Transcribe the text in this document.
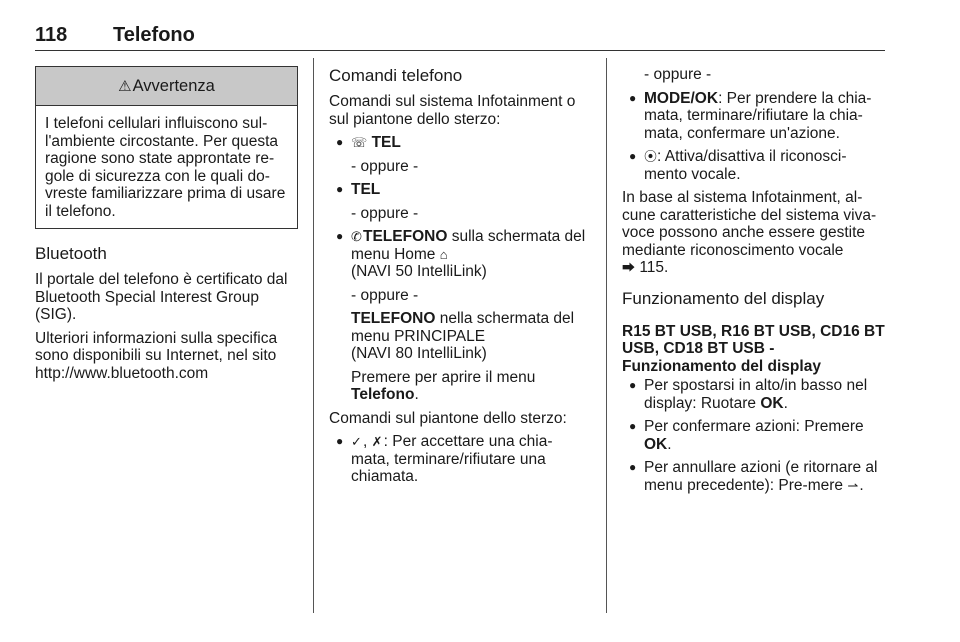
118 Telefono
⚠Avvertenza
I telefoni cellulari influiscono sul-l'ambiente circostante. Per questa ragione sono state approntate re-gole di sicurezza con le quali do-vreste familiarizzare prima di usare il telefono.
Bluetooth

Il portale del telefono è certificato dal Bluetooth Special Interest Group (SIG).

Ulteriori informazioni sulla specifica sono disponibili su Internet, nel sito http://www.bluetooth.com

Comandi telefono

Comandi sul sistema Infotainment o sul piantone dello sterzo:

● ☏ TEL
- oppure -
● TEL
- oppure -
● ✆TELEFONO sulla schermata del menu Home ⌂
(NAVI 50 IntelliLink)
- oppure -
TELEFONO nella schermata del menu PRINCIPALE
(NAVI 80 IntelliLink)
Premere per aprire il menu
Telefono.

Comandi sul piantone dello sterzo:

● ✓, ✗: Per accettare una chia-mata, terminare/rifiutare una chiamata.
- oppure -
● MODE/OK: Per prendere la chia-mata, terminare/rifiutare la chia-mata, confermare un'azione.
● ⦿: Attiva/disattiva il riconosci-mento vocale.

In base al sistema Infotainment, al-cune caratteristiche del sistema viva-voce possono anche essere gestite mediante riconoscimento vocale
⮕ 115.

Funzionamento del display
R15 BT USB, R16 BT USB, CD16 BT USB, CD18 BT USB - Funzionamento del display
● Per spostarsi in alto/in basso nel display: Ruotare OK.
● Per confermare azioni: Premere OK.
● Per annullare azioni (e ritornare al menu precedente): Pre-mere ⇀.
